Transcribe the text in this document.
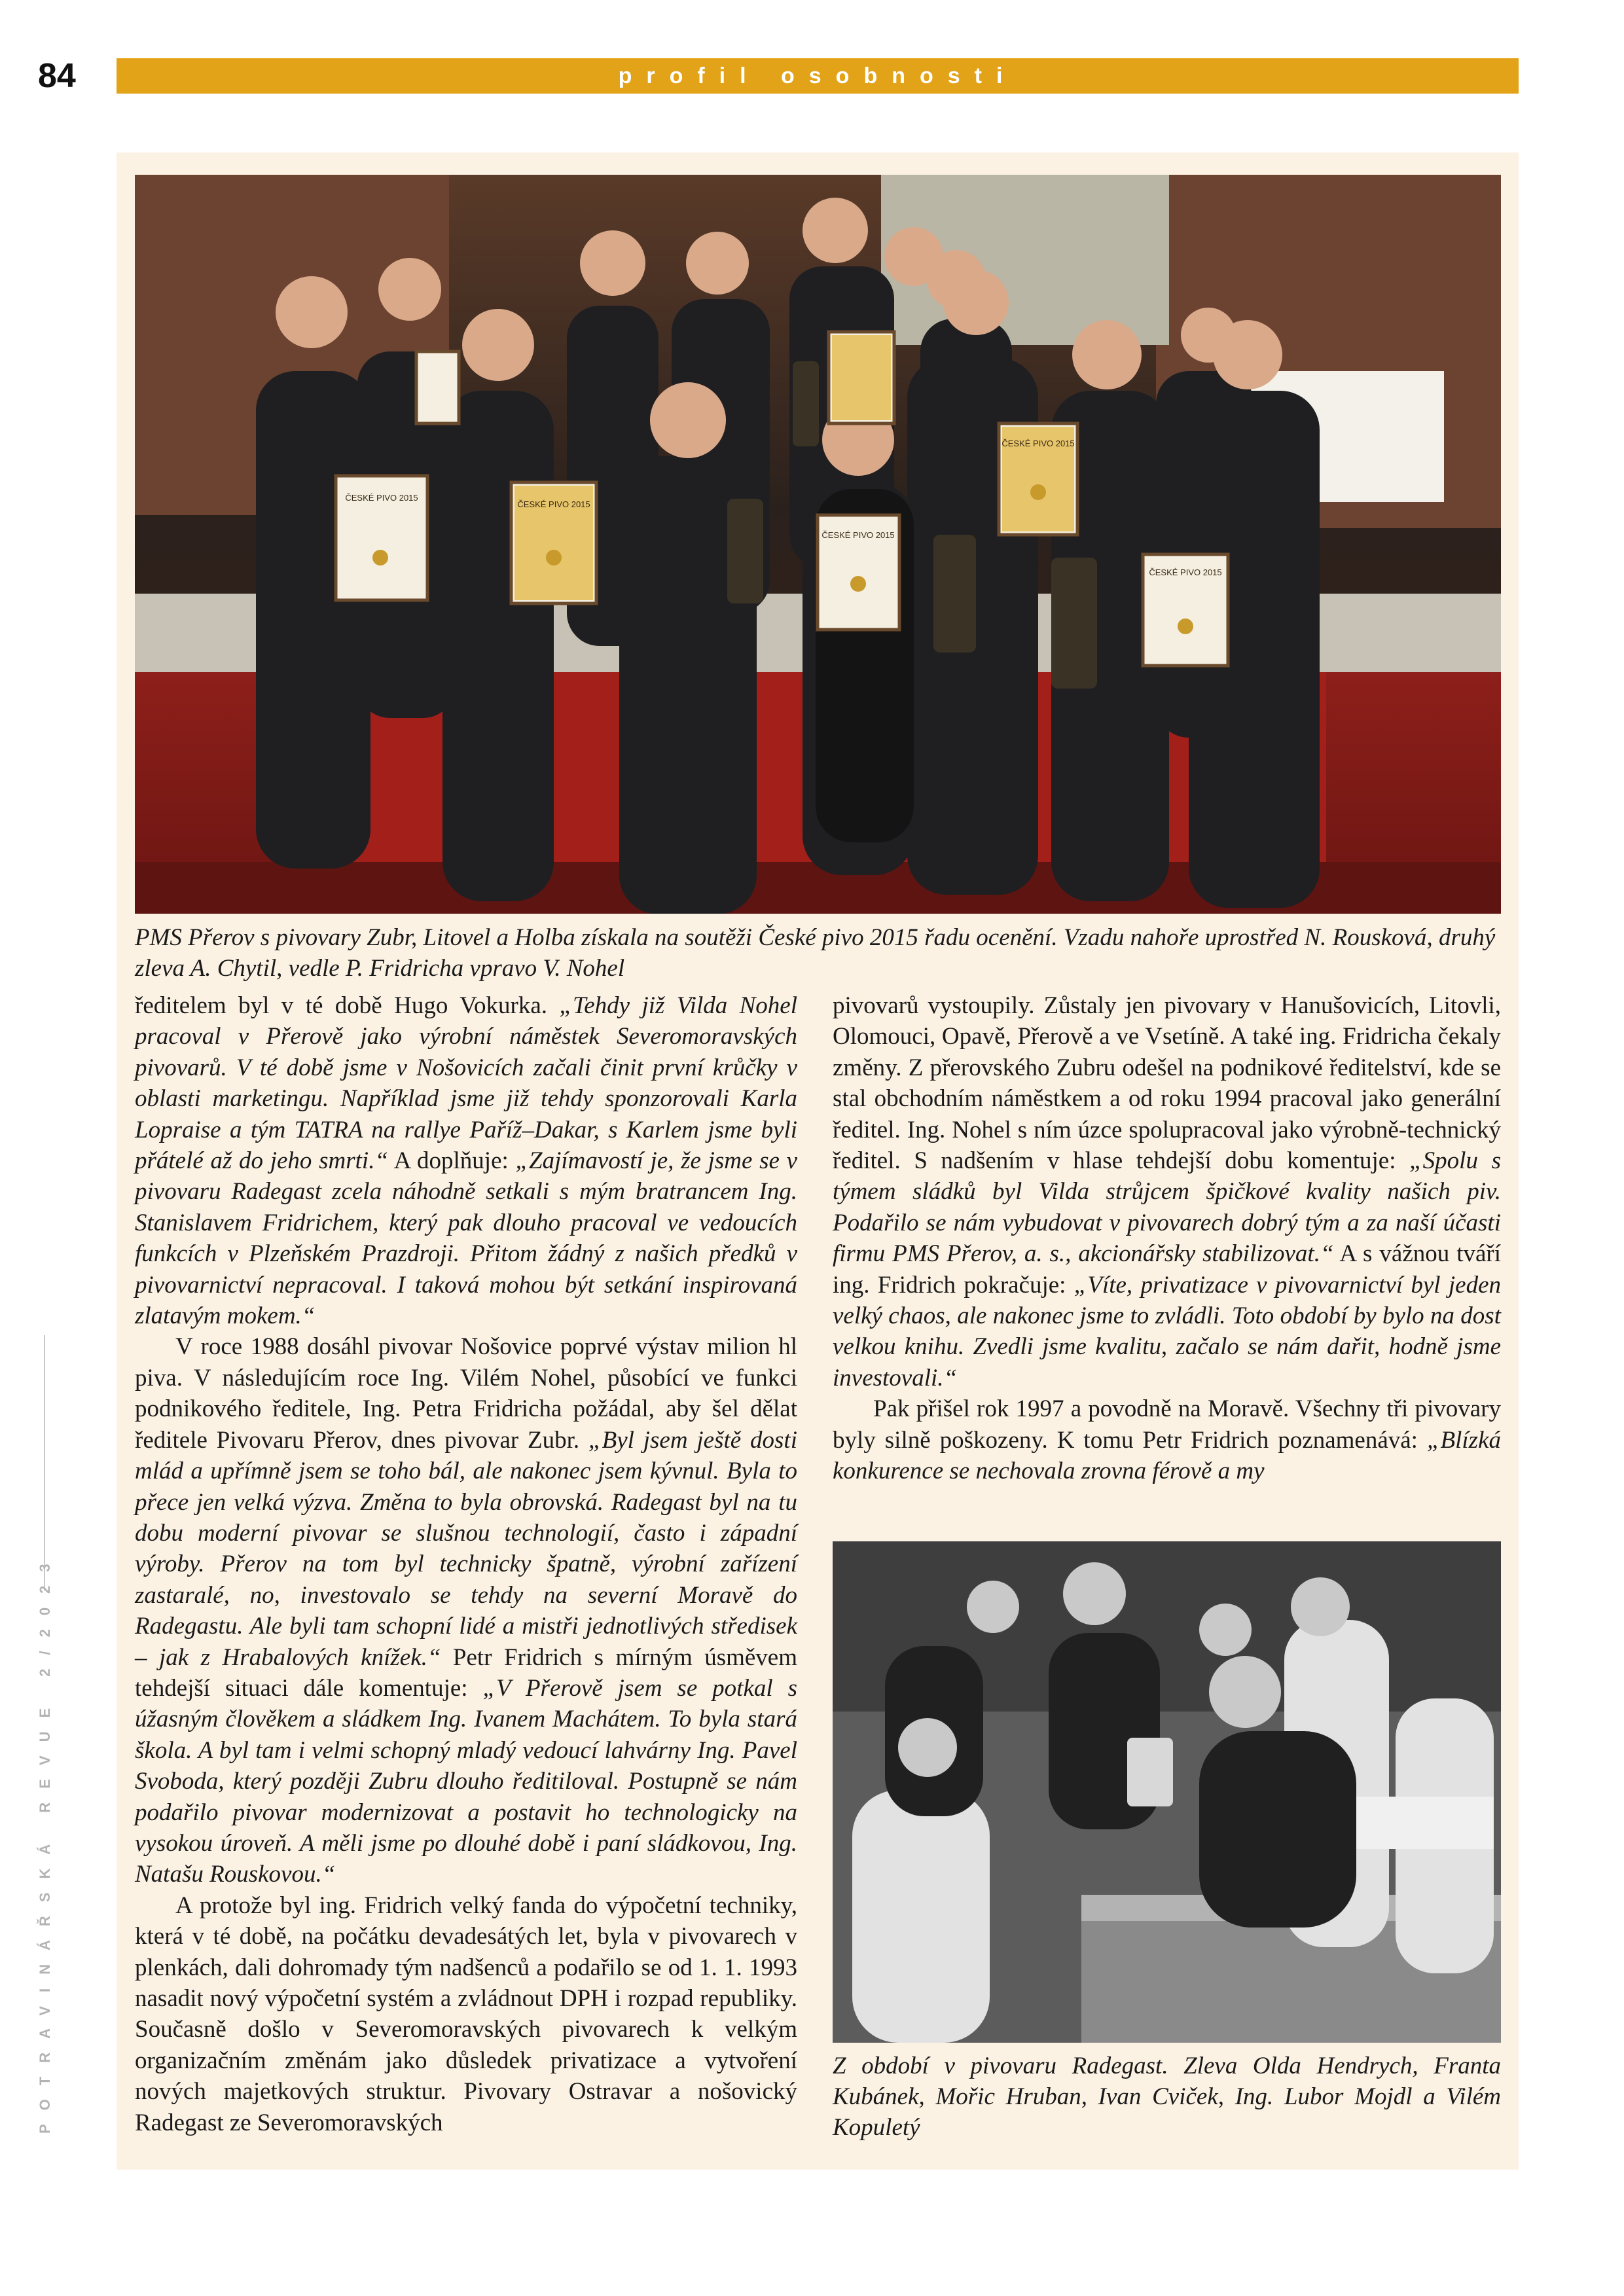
84	profil osobnosti
POTRAVINÁŘSKÁ REVUE 2/2023
ČESKÉ PIVO 2015
ČESKÉ PIVO 2015
ČESKÉ PIVO 2015
ČESKÉ PIVO 2015
ČESKÉ PIVO 2015
PMS Přerov s pivovary Zubr, Litovel a Holba získala na soutěži České pivo 2015 řadu ocenění. Vzadu nahoře uprostřed N. Rousková, druhý zleva A. Chytil, vedle P. Fridricha vpravo V. Nohel

ředitelem byl v té době Hugo Vokurka. „Tehdy již Vilda Nohel pracoval v Přerově jako výrobní náměstek Severomoravských pivovarů. V té době jsme v Nošovicích začali činit první krůčky v oblasti marketingu. Například jsme již tehdy sponzorovali Karla Lopraise a tým TATRA na rallye Paříž–Dakar, s Karlem jsme byli přátelé až do jeho smrti.“ A doplňuje: „Zajímavostí je, že jsme se v pivovaru Radegast zcela náhodně setkali s mým bratrancem Ing. Stanislavem Fridrichem, který pak dlouho pracoval ve vedoucích funkcích v Plzeňském Prazdroji. Přitom žádný z našich předků v pivovarnictví nepracoval. I taková mohou být setkání inspirovaná zlatavým mokem.“

V roce 1988 dosáhl pivovar Nošovice poprvé výstav milion hl piva. V následujícím roce Ing. Vilém Nohel, působící ve funkci podnikového ředitele, Ing. Petra Fridricha požádal, aby šel dělat ředitele Pivovaru Přerov, dnes pivovar Zubr. „Byl jsem ještě dosti mlád a upřímně jsem se toho bál, ale nakonec jsem kývnul. Byla to přece jen velká výzva. Změna to byla obrovská. Radegast byl na tu dobu moderní pivovar se slušnou technologií, často i západní výroby. Přerov na tom byl technicky špatně, výrobní zařízení zastaralé, no, investovalo se tehdy na severní Moravě do Radegastu. Ale byli tam schopní lidé a mistři jednotlivých středisek – jak z Hrabalových knížek.“ Petr Fridrich s mírným úsměvem tehdejší situaci dále komentuje: „V Přerově jsem se potkal s úžasným člověkem a sládkem Ing. Ivanem Machátem. To byla stará škola. A byl tam i velmi schopný mladý vedoucí lahvárny Ing. Pavel Svoboda, který později Zubru dlouho ředitiloval. Postupně se nám podařilo pivovar modernizovat a postavit ho technologicky na vysokou úroveň. A měli jsme po dlouhé době i paní sládkovou, Ing. Natašu Rouskovou.“

A protože byl ing. Fridrich velký fanda do výpočetní techniky, která v té době, na počátku devadesátých let, byla v pivovarech v plenkách, dali dohromady tým nadšenců a podařilo se od 1. 1. 1993 nasadit nový výpočetní systém a zvládnout DPH i rozpad republiky. Současně došlo v Severomoravských pivovarech k velkým organizačním změnám jako důsledek privatizace a vytvoření nových majetkových struktur. Pivovary Ostravar a nošovický Radegast ze Severomoravských

pivovarů vystoupily. Zůstaly jen pivovary v Hanušovicích, Litovli, Olomouci, Opavě, Přerově a ve Vsetíně. A také ing. Fridricha čekaly změny. Z přerovského Zubru odešel na podnikové ředitelství, kde se stal obchodním náměstkem a od roku 1994 pracoval jako generální ředitel. Ing. Nohel s ním úzce spolupracoval jako výrobně-technický ředitel. S nadšením v hlase tehdejší dobu komentuje: „Spolu s týmem sládků byl Vilda strůjcem špičkové kvality našich piv. Podařilo se nám vybudovat v pivovarech dobrý tým a za naší účasti firmu PMS Přerov, a. s., akcionářsky stabilizovat.“ A s vážnou tváří ing. Fridrich pokračuje: „Víte, privatizace v pivovarnictví byl jeden velký chaos, ale nakonec jsme to zvládli. Toto období by bylo na dost velkou knihu. Zvedli jsme kvalitu, začalo se nám dařit, hodně jsme investovali.“

Pak přišel rok 1997 a povodně na Moravě. Všechny tři pivovary byly silně poškozeny. K tomu Petr Fridrich poznamenává: „Blízká konkurence se nechovala zrovna férově a my

Z období v pivovaru Radegast. Zleva Olda Hendrych, Franta Kubánek, Mořic Hruban, Ivan Cviček, Ing. Lubor Mojdl a Vilém Kopuletý
